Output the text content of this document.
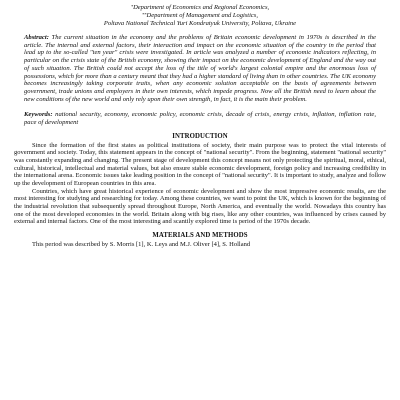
*Department of Economics and Regional Economics,
**Department of Management and Logistics,
Poltava National Technical Yuri Kondratyuk University, Poltava, Ukraine

Abstract: The current situation in the economy and the problems of Britain economic development in 1970s is described in the article. The internal and external factors, their interaction and impact on the economic situation of the country in the period that lead up to the so-called "ten year" crisis were investigated. In article was analyzed a number of economic indicators reflecting, in particular on the crisis state of the British economy, showing their impact on the economic development of England and the way out of such situation. The British could not accept the loss of the title of world's largest colonial empire and the enormous loss of possessions, which for more than a century meant that they had a higher standard of living than in other countries. The UK economy becomes increasingly taking corporate traits, when any economic solution acceptable on the basis of agreements between government, trade unions and employers in their own interests, which impede progress. Now all the British need to learn about the new conditions of the new world and only rely upon their own strength, in fact, it is the main their problem.

Keywords: national security, economy, economic policy, economic crisis, decade of crisis, energy crisis, inflation, inflation rate, pace of development

INTRODUCTION

Since the formation of the first states as political institutions of society, their main purpose was to protect the vital interests of government and society. Today, this statement appears in the concept of "national security". From the beginning, statement "national security" was constantly expanding and changing. The present stage of development this concept means not only protecting the spiritual, moral, ethical, cultural, historical, intellectual and material values, but also ensure stable economic development, foreign policy and increasing credibility in the international arena. Economic issues take leading position in the concept of "national security". It is important to study, analyze and follow up the development of European countries in this area.

Countries, which have great historical experience of economic development and show the most impressive economic results, are the most interesting for studying and researching for today. Among these countries, we want to point the UK, which is known for the beginning of the industrial revolution that subsequently spread throughout Europe, North America, and eventually the world. Nowadays this country has one of the most developed economies in the world. Britain along with big rises, like any other countries, was influenced by crises caused by external and internal factors. One of the most interesting and scantily explored time is period of the 1970s decade.

MATERIALS AND METHODS

This period was described by S. Morris [1], K. Leys and M.J. Oliver [4], S. Holland
